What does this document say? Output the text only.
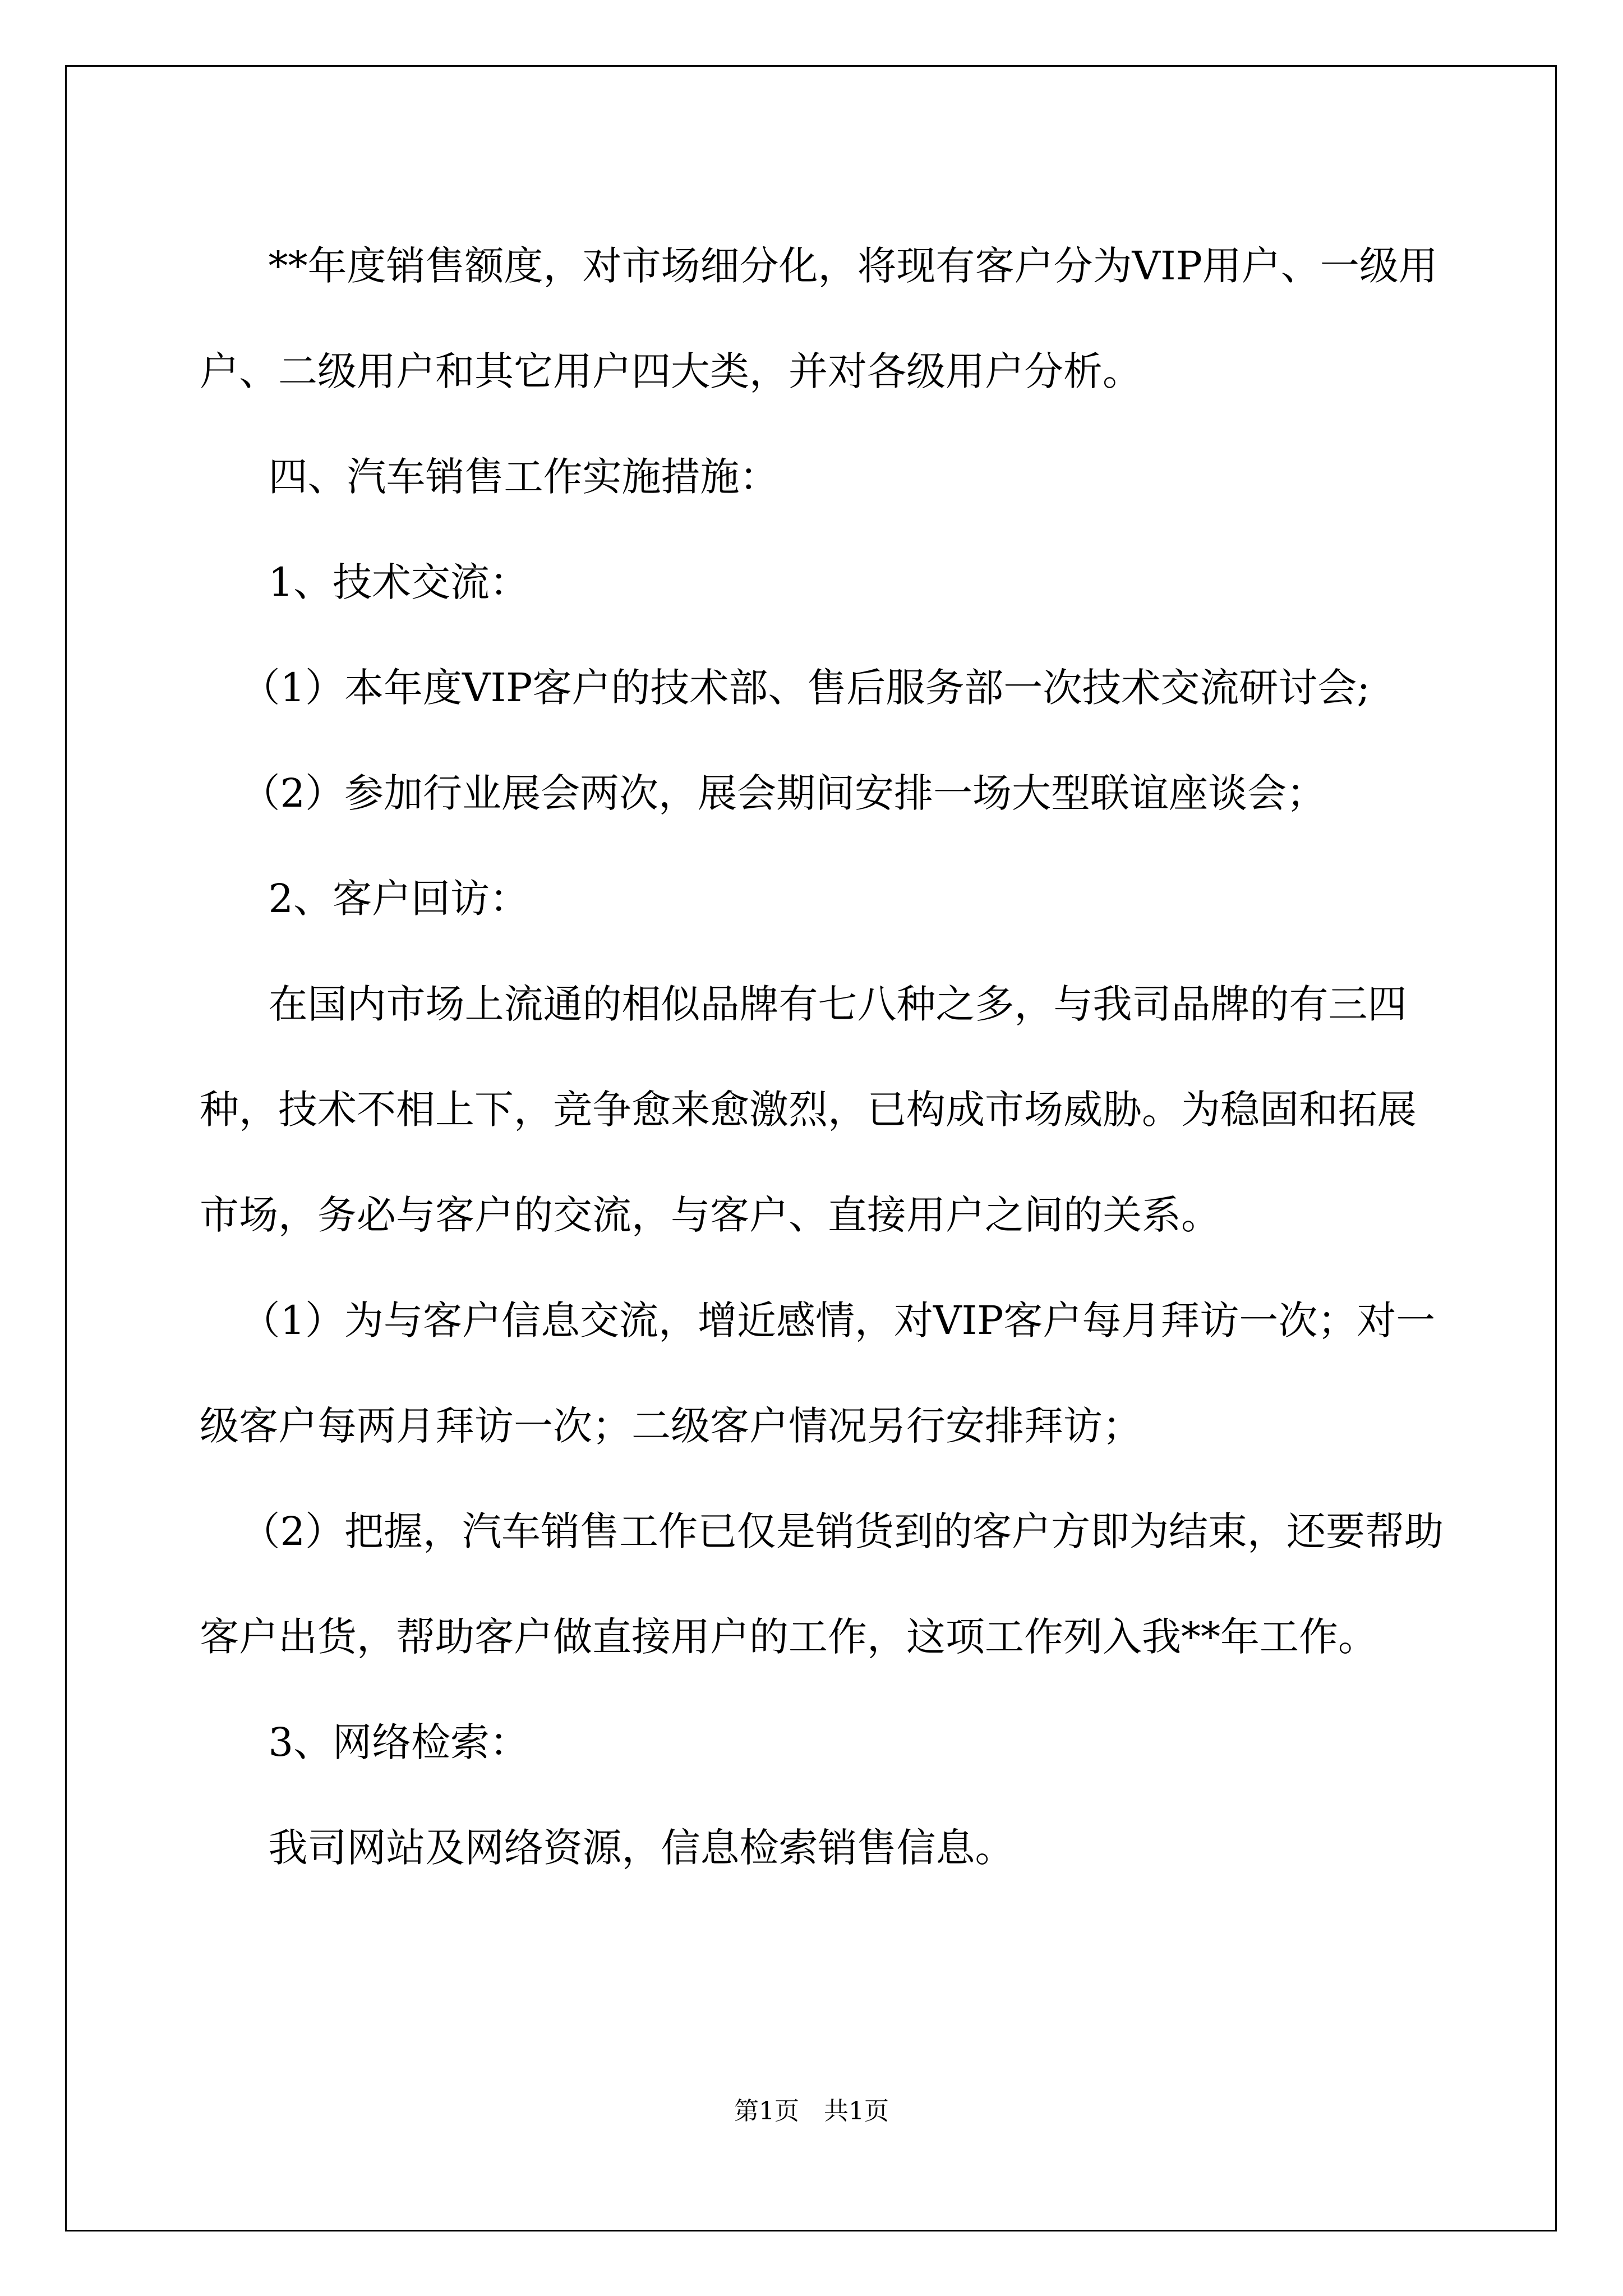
**年度销售额度，对市场细分化，将现有客户分为VIP用户、一级用户、二级用户和其它用户四大类，并对各级用户分析。

四、汽车销售工作实施措施：

1、技术交流：

（1）本年度VIP客户的技术部、售后服务部一次技术交流研讨会;

（2）参加行业展会两次，展会期间安排一场大型联谊座谈会；

2、客户回访：

在国内市场上流通的相似品牌有七八种之多，与我司品牌的有三四种，技术不相上下，竞争愈来愈激烈，已构成市场威胁。为稳固和拓展市场，务必与客户的交流，与客户、直接用户之间的关系。

（1）为与客户信息交流，增近感情，对VIP客户每月拜访一次；对一级客户每两月拜访一次；二级客户情况另行安排拜访；

（2）把握，汽车销售工作已仅是销货到的客户方即为结束，还要帮助客户出货，帮助客户做直接用户的工作，这项工作列入我**年工作。

3、网络检索：

我司网站及网络资源，信息检索销售信息。

第1页　共1页
